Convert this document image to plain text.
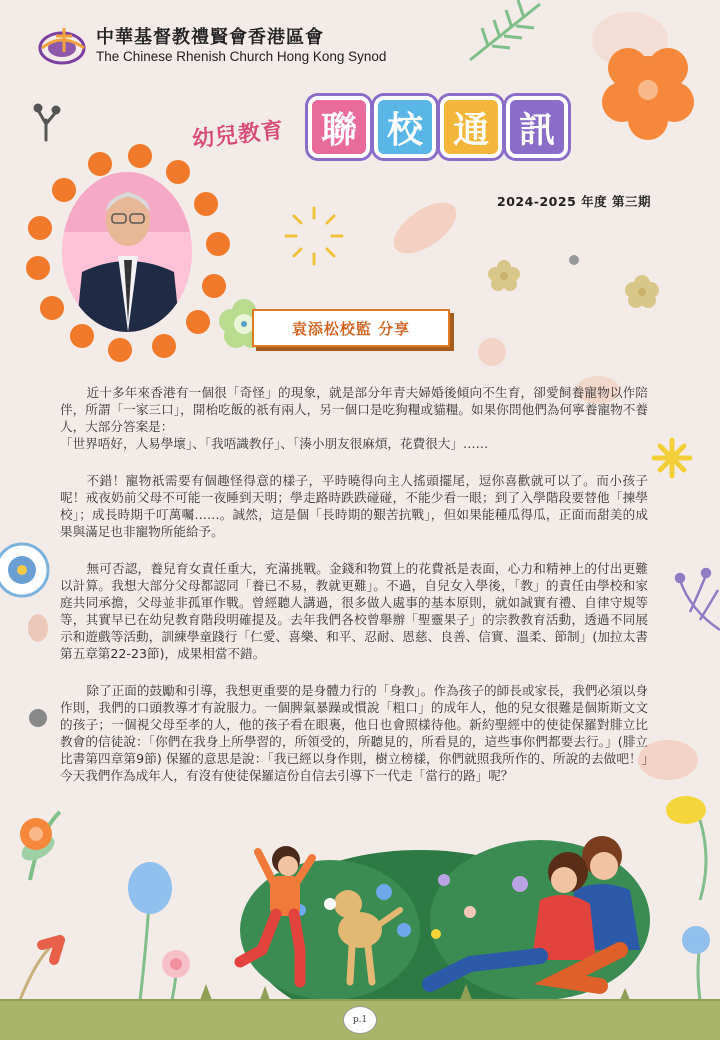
中華基督教禮賢會香港區會
The Chinese Rhenish Church Hong Kong Synod
幼兒教育 聯 校 通 訊
2024-2025 年度 第三期
袁添松校監 分享

近十多年來香港有一個很「奇怪」的現象，就是部分年青夫婦婚後傾向不生育，卻愛飼養寵物以作陪伴，所謂「一家三口」，開枱吃飯的祇有兩人，另一個口是吃狗糧或貓糧。如果你問他們為何寧養寵物不養人，大部分答案是：

「世界唔好，人易學壞」、「我唔識教仔」、「湊小朋友很麻煩，花費很大」……

不錯！寵物祇需要有個趣怪得意的樣子，平時曉得向主人搖頭擺尾，逗你喜歡就可以了。而小孩子呢！戒夜奶前父母不可能一夜睡到天明；學走路時跌跌碰碰，不能少看一眼；到了入學階段要替他「揀學校」；成長時期千叮萬囑……。誠然，這是個「長時期的艱苦抗戰」，但如果能種瓜得瓜，正面而甜美的成果與滿足也非寵物所能給予。

無可否認，養兒育女責任重大，充滿挑戰。金錢和物質上的花費祇是表面，心力和精神上的付出更難以計算。我想大部分父母都認同「養已不易，教就更難」。不過，自兒女入學後，「教」的責任由學校和家庭共同承擔，父母並非孤軍作戰。曾經聽人講過，很多做人處事的基本原則，就如誠實有禮、自律守規等等，其實早已在幼兒教育階段明確提及。去年我們各校曾舉辦「聖靈果子」的宗教教育活動，透過不同展示和遊戲等活動，訓練學童踐行「仁愛、喜樂、和平、忍耐、恩慈、良善、信實、溫柔、節制」(加拉太書第五章第22-23節)，成果相當不錯。

除了正面的鼓勵和引導，我想更重要的是身體力行的「身教」。作為孩子的師長或家長，我們必須以身作則，我們的口頭教導才有說服力。一個脾氣暴躁或慣說「粗口」的成年人，他的兒女很難是個斯斯文文的孩子；一個視父母至孝的人，他的孩子看在眼裏，他日也會照樣待他。新約聖經中的使徒保羅對腓立比教會的信徒說：「你們在我身上所學習的，所領受的，所聽見的，所看見的，這些事你們都要去行。」(腓立比書第四章第9節) 保羅的意思是說：「我已經以身作則，樹立榜樣，你們就照我所作的、所說的去做吧！」今天我們作為成年人，有沒有使徒保羅這份自信去引導下一代走「當行的路」呢？

p.1
